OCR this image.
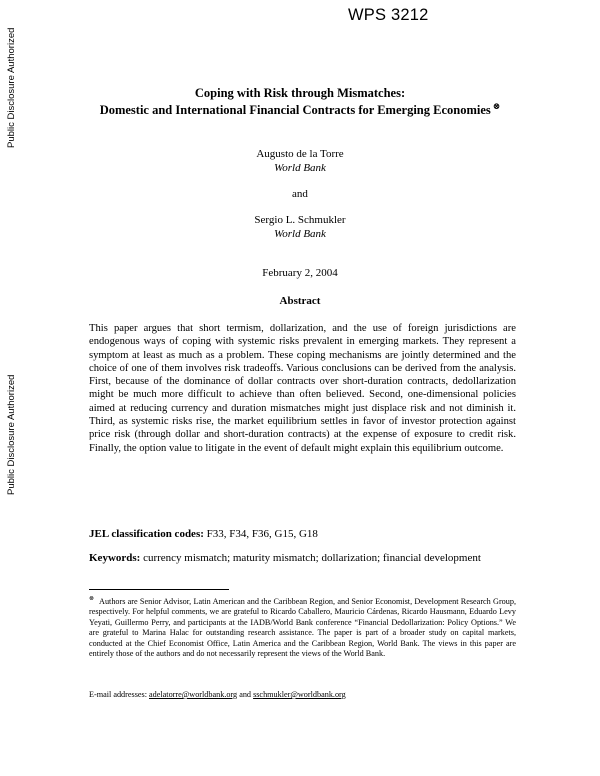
WPS 3212
Public Disclosure Authorized
Public Disclosure Authorized
Coping with Risk through Mismatches:
Domestic and International Financial Contracts for Emerging Economies ⊗
Augusto de la Torre
World Bank
and
Sergio L. Schmukler
World Bank
February 2, 2004
Abstract

This paper argues that short termism, dollarization, and the use of foreign jurisdictions are endogenous ways of coping with systemic risks prevalent in emerging markets. They represent a symptom at least as much as a problem. These coping mechanisms are jointly determined and the choice of one of them involves risk tradeoffs. Various conclusions can be derived from the analysis. First, because of the dominance of dollar contracts over short-duration contracts, dedollarization might be much more difficult to achieve than often believed. Second, one-dimensional policies aimed at reducing currency and duration mismatches might just displace risk and not diminish it. Third, as systemic risks rise, the market equilibrium settles in favor of investor protection against price risk (through dollar and short-duration contracts) at the expense of exposure to credit risk. Finally, the option value to litigate in the event of default might explain this equilibrium outcome.

JEL classification codes: F33, F34, F36, G15, G18
Keywords: currency mismatch; maturity mismatch; dollarization; financial development

⊗ Authors are Senior Advisor, Latin American and the Caribbean Region, and Senior Economist, Development Research Group, respectively. For helpful comments, we are grateful to Ricardo Caballero, Mauricio Cárdenas, Ricardo Hausmann, Eduardo Levy Yeyati, Guillermo Perry, and participants at the IADB/World Bank conference “Financial Dedollarization: Policy Options.” We are grateful to Marina Halac for outstanding research assistance. The paper is part of a broader study on capital markets, conducted at the Chief Economist Office, Latin America and the Caribbean Region, World Bank. The views in this paper are entirely those of the authors and do not necessarily represent the views of the World Bank.

E-mail addresses: adelatorre@worldbank.org and sschmukler@worldbank.org
